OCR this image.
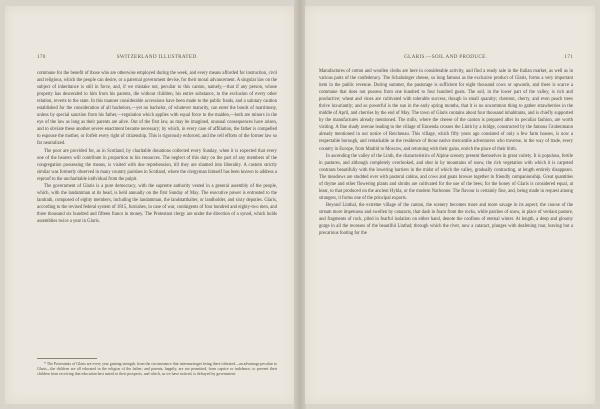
170	SWITZERLAND ILLUSTRATED.

commune for the benefit of those who are otherwise employed during the week, and every means afforded for instruction, civil and religious, which the people can desire, or a paternal government devise, for their moral advancement. A singular law on the subject of inheritance is still in force, and, if we mistake not, peculiar to this canton, namely,—that if any person, whose property has descended to him from his parents, die without children, his entire substance, to the exclusion of every other relation, reverts to the state. In this manner considerable accessions have been made to the public funds, and a salutary caution established for the consideration of all bachelors,—yet no bachelor, of whatever maturity, can enter the bonds of matrimony, unless by special sanction from his father,—regulation which applies with equal force to the maiden,—both are minors in the eye of the law as long as their parents are alive. Out of the first law, as may be imagined, unusual consequences have arisen, and to obviate these another severe enactment became necessary; by which, in every case of affiliation, the father is compelled to espouse the mother, or forfeit every right of citizenship. This is rigorously enforced, and the cell efforts of the former law so far neutralized.

The poor are provided for, as in Scotland, by charitable donations collected every Sunday, when it is expected that every one of the hearers will contribute in proportion to his resources. The neglect of this duty on the part of any members of the congregation possessing the means, is visited with due reprehension, till they are shamed into liberality. A custom strictly similar was formerly observed in many country parishes in Scotland, where the clergyman himself has been known to address a reproof to the uncharitable individual from the pulpit.

The government of Glaris is a pure democracy, with the supreme authority vested in a general assembly of the people, which, with the landamman at its head, is held annually on the first Sunday of May. The executive power is entrusted to the landrath, composed of eighty members, including the landamman, the landstatthalter, or landholder, and sixty deputies. Glaris, according to the revised federal system of 1815, furnishes, in case of war, contingents of four hundred and eighty-two men, and three thousand six hundred and fifteen francs in money. The Protestant clergy are under the direction of a synod, which holds assemblies twice a year in Glaris.

* The Protestants of Glaris are every year gaining strength, from the circumstance that intermarriages being there tolerated—an advantage peculiar to Glaris—the children are all educated in the religion of the father; and parents, happily, are not permitted, from caprice or indolence, to prevent their children from receiving that education best suited to their prospects, and which, as we have noticed, is defrayed by government.

GLARIS.—SOIL AND PRODUCE.	171

Manufactures of cotton and woollen cloths are here in considerable activity, and find a ready sale in the Italian market, as well as in various parts of the confederacy. The Schabzieger cheese, so long famous as the exclusive product of Glaris, forms a very important item in the public revenue. During summer, the pasturage is sufficient for eight thousand cows or upwards, and there is scarce a commune that does not possess from one hundred to four hundred goats. The soil, in the lower part of the valley, is rich and productive; wheat and vines are cultivated with tolerable success, though in small quantity; chestnut, cherry, and even peach trees thrive luxuriantly; and so powerful is the sun in the early spring months, that it is no uncommon thing to gather strawberries in the middle of April, and cherries by the end of May. The town of Glaris contains about four thousand inhabitants, and is chiefly supported by the manufactures already mentioned. The mills, where the cheese of the canton is prepared after its peculiar fashion, are worth visiting. A fine shady avenue leading to the village of Ennenda crosses the Linth by a bridge, constructed by the famous Grubenmann already mentioned in our notice of Reichenau. This village, which fifty years ago consisted of only a few farm houses, is now a respectable borough, and remarkable as the residence of those native mercantile adventurers who traverse, in the way of trade, every country in Europe, from Madrid to Moscow, and returning with their gains, enrich the place of their birth.

In ascending the valley of the Linth, the characteristics of Alpine scenery present themselves in great variety. It is populous, fertile in pastures, and although completely overlooked, and shut in by mountains of snow, the rich vegetation with which it is carpeted contrasts beautifully with the lowering barriers in the midst of which the valley, gradually contracting, at length entirely disappears. The meadows are studded over with pastoral cabins, and cows and goats browse together in friendly companionship. Great quantities of thyme and other flowering plants and shrubs are cultivated for the use of the bees; for the honey of Glaris is considered equal, at least, to that produced on the ancient Hybla, or the modern Narbonne. The flavour is certainly fine, and, being made in request among strangers, it forms one of the principal exports.

Beyond Linthal, the extreme village of the canton, the scenery becomes more and more savage in its aspect; the course of the stream more impetuous and swollen by cataracts, that dash in foam from the rocks, while patches of snow, in place of verdant pasture, and fragments of rock, piled in fearful isolation on either hand, denote the confines of eternal winter. At length, a deep and gloomy gorge in all the recesses of the beautiful Linthal; through which the river, now a cataract, plunges with deafening roar, leaving but a precarious footing for the
